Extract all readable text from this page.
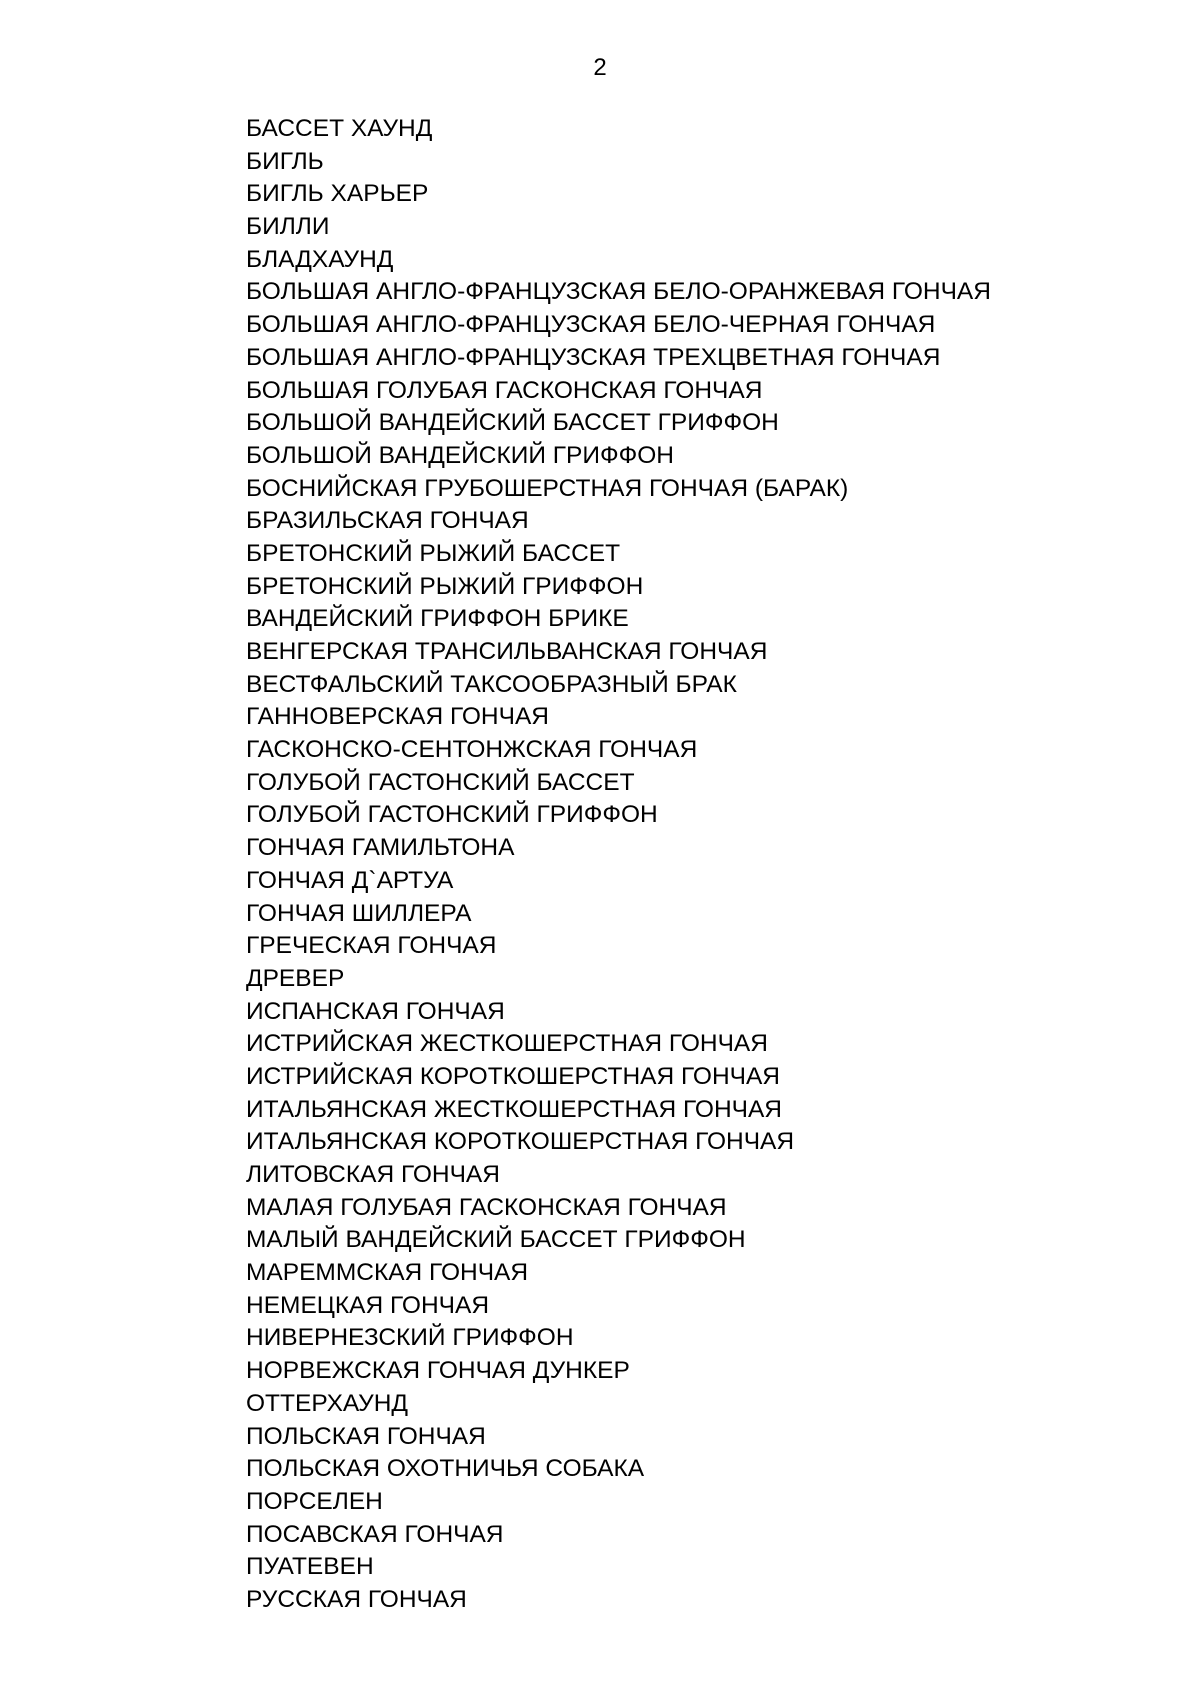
2
БАССЕТ ХАУНД
БИГЛЬ
БИГЛЬ ХАРЬЕР
БИЛЛИ
БЛАДХАУНД
БОЛЬШАЯ АНГЛО-ФРАНЦУЗСКАЯ БЕЛО-ОРАНЖЕВАЯ ГОНЧАЯ
БОЛЬШАЯ АНГЛО-ФРАНЦУЗСКАЯ БЕЛО-ЧЕРНАЯ ГОНЧАЯ
БОЛЬШАЯ АНГЛО-ФРАНЦУЗСКАЯ ТРЕХЦВЕТНАЯ ГОНЧАЯ
БОЛЬШАЯ ГОЛУБАЯ ГАСКОНСКАЯ ГОНЧАЯ
БОЛЬШОЙ ВАНДЕЙСКИЙ БАССЕТ ГРИФФОН
БОЛЬШОЙ ВАНДЕЙСКИЙ ГРИФФОН
БОСНИЙСКАЯ ГРУБОШЕРСТНАЯ ГОНЧАЯ (БАРАК)
БРАЗИЛЬСКАЯ ГОНЧАЯ
БРЕТОНСКИЙ РЫЖИЙ БАССЕТ
БРЕТОНСКИЙ РЫЖИЙ ГРИФФОН
ВАНДЕЙСКИЙ ГРИФФОН БРИКЕ
ВЕНГЕРСКАЯ ТРАНСИЛЬВАНСКАЯ ГОНЧАЯ
ВЕСТФАЛЬСКИЙ ТАКСООБРАЗНЫЙ БРАК
ГАННОВЕРСКАЯ ГОНЧАЯ
ГАСКОНСКО-СЕНТОНЖСКАЯ ГОНЧАЯ
ГОЛУБОЙ ГАСТОНСКИЙ БАССЕТ
ГОЛУБОЙ ГАСТОНСКИЙ ГРИФФОН
ГОНЧАЯ ГАМИЛЬТОНА
ГОНЧАЯ Д`АРТУА
ГОНЧАЯ ШИЛЛЕРА
ГРЕЧЕСКАЯ ГОНЧАЯ
ДРЕВЕР
ИСПАНСКАЯ ГОНЧАЯ
ИСТРИЙСКАЯ ЖЕСТКОШЕРСТНАЯ ГОНЧАЯ
ИСТРИЙСКАЯ КОРОТКОШЕРСТНАЯ ГОНЧАЯ
ИТАЛЬЯНСКАЯ ЖЕСТКОШЕРСТНАЯ ГОНЧАЯ
ИТАЛЬЯНСКАЯ КОРОТКОШЕРСТНАЯ ГОНЧАЯ
ЛИТОВСКАЯ ГОНЧАЯ
МАЛАЯ ГОЛУБАЯ ГАСКОНСКАЯ ГОНЧАЯ
МАЛЫЙ ВАНДЕЙСКИЙ БАССЕТ ГРИФФОН
МАРЕММСКАЯ ГОНЧАЯ
НЕМЕЦКАЯ ГОНЧАЯ
НИВЕРНЕЗСКИЙ ГРИФФОН
НОРВЕЖСКАЯ ГОНЧАЯ ДУНКЕР
ОТТЕРХАУНД
ПОЛЬСКАЯ ГОНЧАЯ
ПОЛЬСКАЯ ОХОТНИЧЬЯ СОБАКА
ПОРСЕЛЕН
ПОСАВСКАЯ ГОНЧАЯ
ПУАТЕВЕН
РУССКАЯ ГОНЧАЯ
